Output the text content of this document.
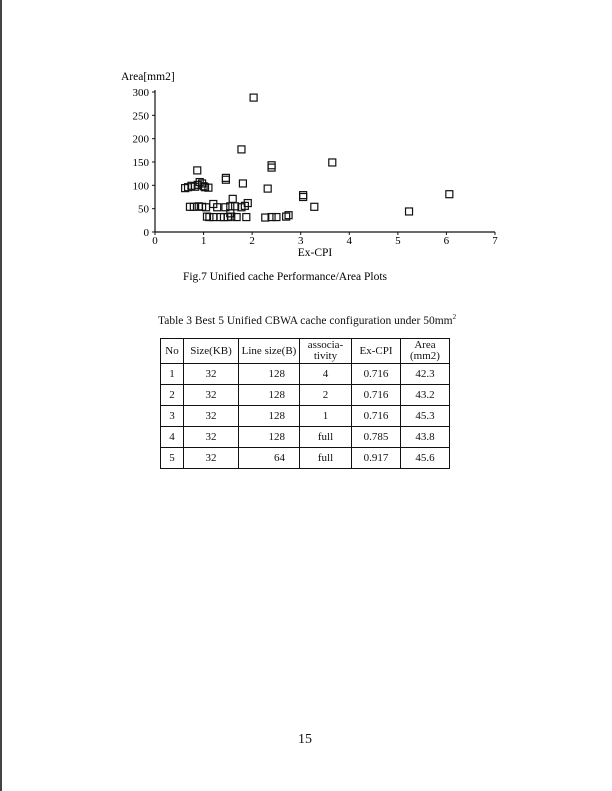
Area[mm2]
Ex-CPI
Fig.7 Unified cache Performance/Area Plots
0	1	2	3	4	5	6	7
0
50
100
150
200
250
300
Table 3 Best 5 Unified CBWA cache configuration under $50mm^2$
No	Size(KB)	Line size(B)	associa- tivity	Ex-CPI	Area (mm2)
1	32	128	4	0.716	42.3
2	32	128	2	0.716	43.2
3	32	128	1	0.716	45.3
4	32	128	full	0.785	43.8
5	32	64	full	0.917	45.6
15
